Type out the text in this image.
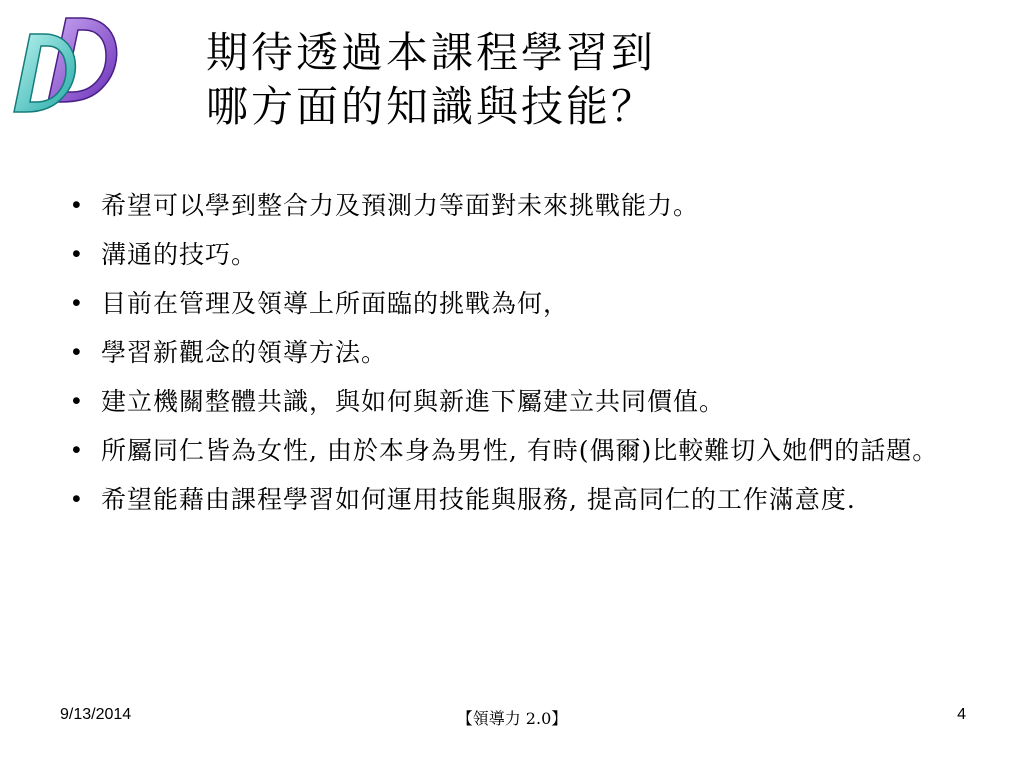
期待透過本課程學習到
哪方面的知識與技能？
• 希望可以學到整合力及預測力等面對未來挑戰能力。
• 溝通的技巧。
• 目前在管理及領導上所面臨的挑戰為何，
• 學習新觀念的領導方法。
• 建立機關整體共識，與如何與新進下屬建立共同價值。
• 所屬同仁皆為女性, 由於本身為男性, 有時(偶爾)比較難切入她們的話題。
• 希望能藉由課程學習如何運用技能與服務, 提高同仁的工作滿意度.
9/13/2014	【領導力 2.0】	4
